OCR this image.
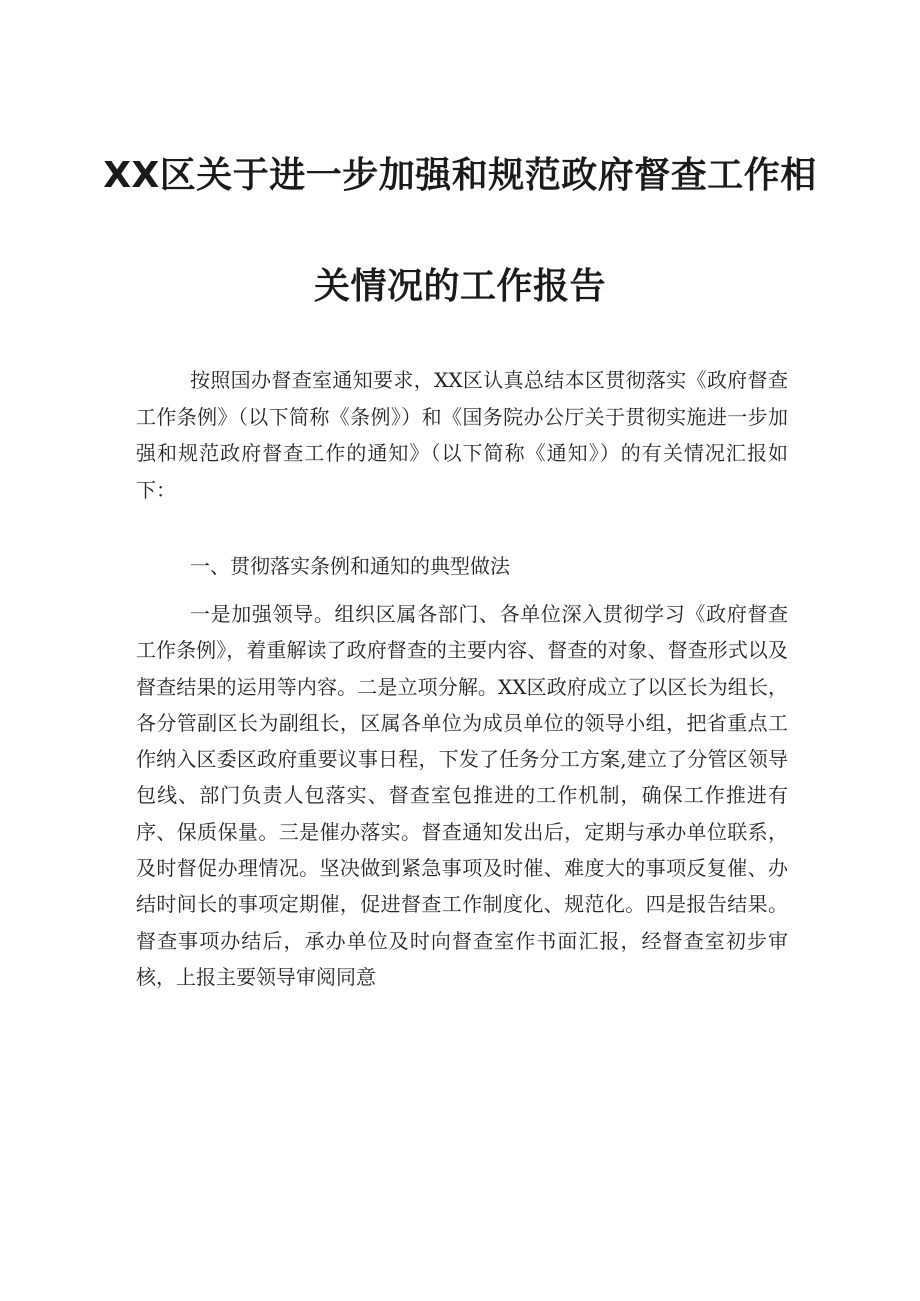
XX区关于进一步加强和规范政府督查工作相
关情况的工作报告

按照国办督查室通知要求，XX区认真总结本区贯彻落实《政府督查工作条例》（以下简称《条例》）和《国务院办公厅关于贯彻实施进一步加强和规范政府督查工作的通知》（以下简称《通知》）的有关情况汇报如下：

一、贯彻落实条例和通知的典型做法

一是加强领导。组织区属各部门、各单位深入贯彻学习《政府督查工作条例》，着重解读了政府督查的主要内容、督查的对象、督查形式以及督查结果的运用等内容。二是立项分解。XX区政府成立了以区长为组长，各分管副区长为副组长，区属各单位为成员单位的领导小组，把省重点工作纳入区委区政府重要议事日程，下发了任务分工方案,建立了分管区领导包线、部门负责人包落实、督查室包推进的工作机制，确保工作推进有序、保质保量。三是催办落实。督查通知发出后，定期与承办单位联系，及时督促办理情况。坚决做到紧急事项及时催、难度大的事项反复催、办结时间长的事项定期催，促进督查工作制度化、规范化。四是报告结果。督查事项办结后，承办单位及时向督查室作书面汇报，经督查室初步审核，上报主要领导审阅同意
